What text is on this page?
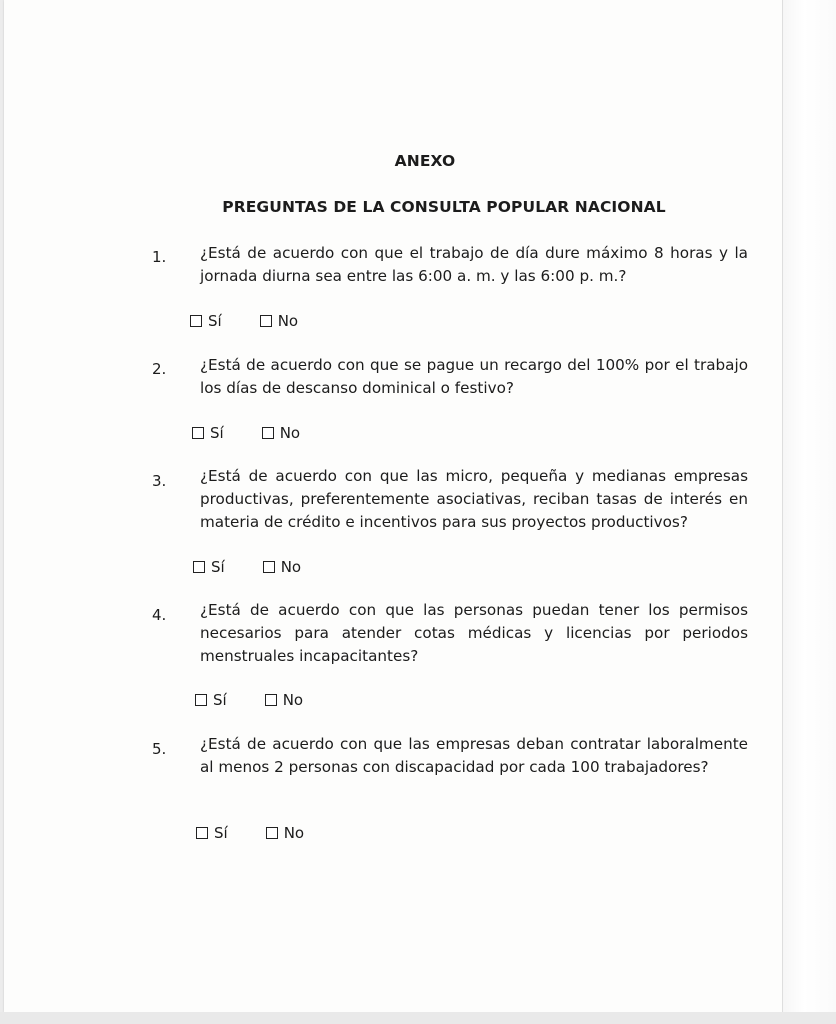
ANEXO
PREGUNTAS DE LA CONSULTA POPULAR NACIONAL
1. ¿Está de acuerdo con que el trabajo de día dure máximo 8 horas y la jornada diurna sea entre las 6:00 a. m. y las 6:00 p. m.?
Sí	No
2. ¿Está de acuerdo con que se pague un recargo del 100% por el trabajo los días de descanso dominical o festivo?
Sí	No
3. ¿Está de acuerdo con que las micro, pequeña y medianas empresas productivas, preferentemente asociativas, reciban tasas de interés en materia de crédito e incentivos para sus proyectos productivos?
Sí	No
4. ¿Está de acuerdo con que las personas puedan tener los permisos necesarios para atender cotas médicas y licencias por periodos menstruales incapacitantes?
Sí	No
5. ¿Está de acuerdo con que las empresas deban contratar laboralmente al menos 2 personas con discapacidad por cada 100 trabajadores?
Sí	No
